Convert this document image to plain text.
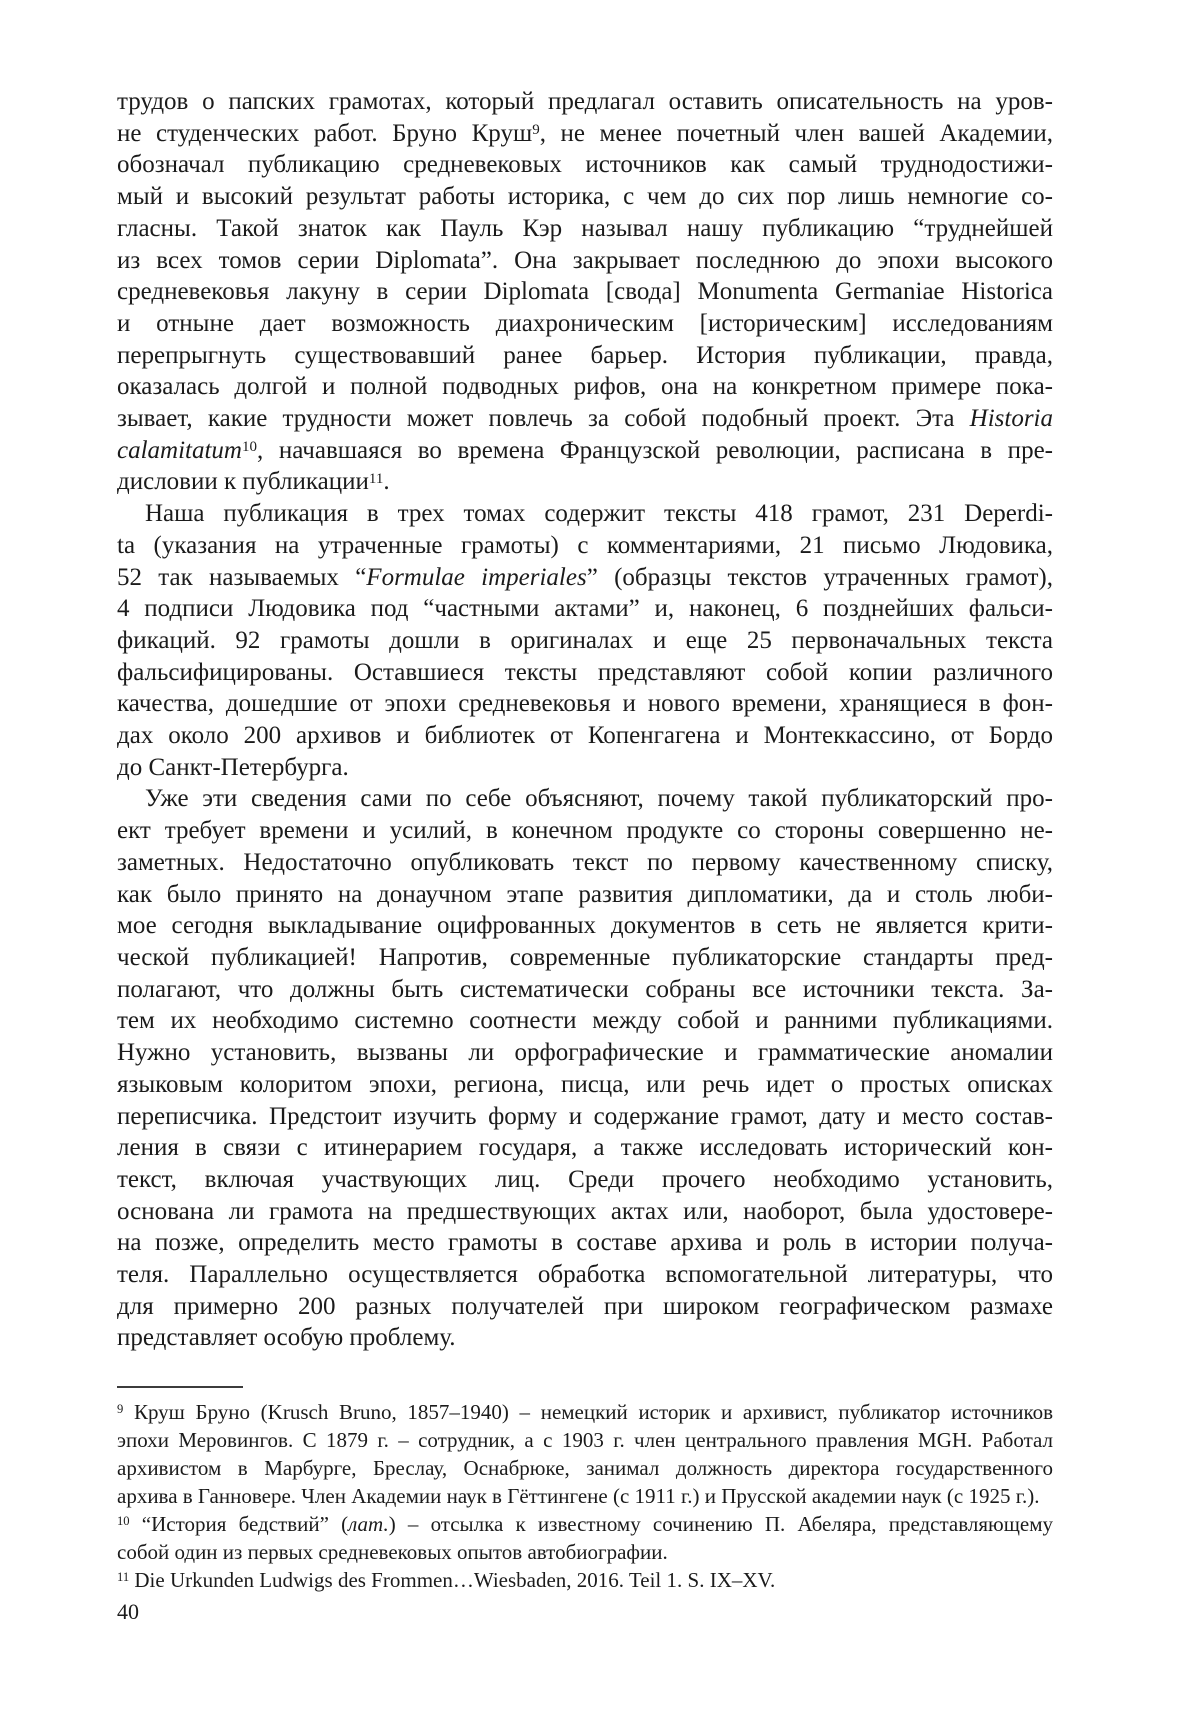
трудов о папских грамотах, который предлагал оставить описательность на уров-
не студенческих работ. Бруно Круш$^9$, не менее почетный член вашей Академии,
обозначал публикацию средневековых источников как самый труднодостижи-
мый и высокий результат работы историка, с чем до сих пор лишь немногие со-
гласны. Такой знаток как Пауль Кэр называл нашу публикацию “труднейшей
из всех томов серии Diplomata”. Она закрывает последнюю до эпохи высокого
средневековья лакуну в серии Diplomata [свода] Monumenta Germaniae Historica
и отныне дает возможность диахроническим [историческим] исследованиям
перепрыгнуть существовавший ранее барьер. История публикации, правда,
оказалась долгой и полной подводных рифов, она на конкретном примере пока-
зывает, какие трудности может повлечь за собой подобный проект. Эта Historia
calamitatum$^{10}$, начавшаяся во времена Французской революции, расписана в пре-
дисловии к публикации$^{11}$.
Наша публикация в трех томах содержит тексты 418 грамот, 231 Deperdi-
ta (указания на утраченные грамоты) с комментариями, 21 письмо Людовика,
52 так называемых “Formulae imperiales” (образцы текстов утраченных грамот),
4 подписи Людовика под “частными актами” и, наконец, 6 позднейших фальси-
фикаций. 92 грамоты дошли в оригиналах и еще 25 первоначальных текста
фальсифицированы. Оставшиеся тексты представляют собой копии различного
качества, дошедшие от эпохи средневековья и нового времени, хранящиеся в фон-
дах около 200 архивов и библиотек от Копенгагена и Монтеккассино, от Бордо
до Санкт-Петербурга.
Уже эти сведения сами по себе объясняют, почему такой публикаторский про-
ект требует времени и усилий, в конечном продукте со стороны совершенно не-
заметных. Недостаточно опубликовать текст по первому качественному списку,
как было принято на донаучном этапе развития дипломатики, да и столь люби-
мое сегодня выкладывание оцифрованных документов в сеть не является крити-
ческой публикацией! Напротив, современные публикаторские стандарты пред-
полагают, что должны быть систематически собраны все источники текста. За-
тем их необходимо системно соотнести между собой и ранними публикациями.
Нужно установить, вызваны ли орфографические и грамматические аномалии
языковым колоритом эпохи, региона, писца, или речь идет о простых описках
переписчика. Предстоит изучить форму и содержание грамот, дату и место состав-
ления в связи с итинерарием государя, а также исследовать исторический кон-
текст, включая участвующих лиц. Среди прочего необходимо установить,
основана ли грамота на предшествующих актах или, наоборот, была удостовере-
на позже, определить место грамоты в составе архива и роль в истории получа-
теля. Параллельно осуществляется обработка вспомогательной литературы, что
для примерно 200 разных получателей при широком географическом размахе
представляет особую проблему.
$^9$ Круш Бруно (Krusch Bruno, 1857–1940) – немецкий историк и архивист, публикатор источников
эпохи Меровингов. С 1879 г. – сотрудник, а с 1903 г. член центрального правления MGH. Работал
архивистом в Марбурге, Бреслау, Оснабрюке, занимал должность директора государственного
архива в Ганновере. Член Академии наук в Гёттингене (с 1911 г.) и Прусской академии наук (с 1925 г.).
$^{10}$ “История бедствий” (лат.) – отсылка к известному сочинению П. Абеляра, представляющему
собой один из первых средневековых опытов автобиографии.
$^{11}$ Die Urkunden Ludwigs des Frommen…Wiesbaden, 2016. Teil 1. S. IX–XV.
40
